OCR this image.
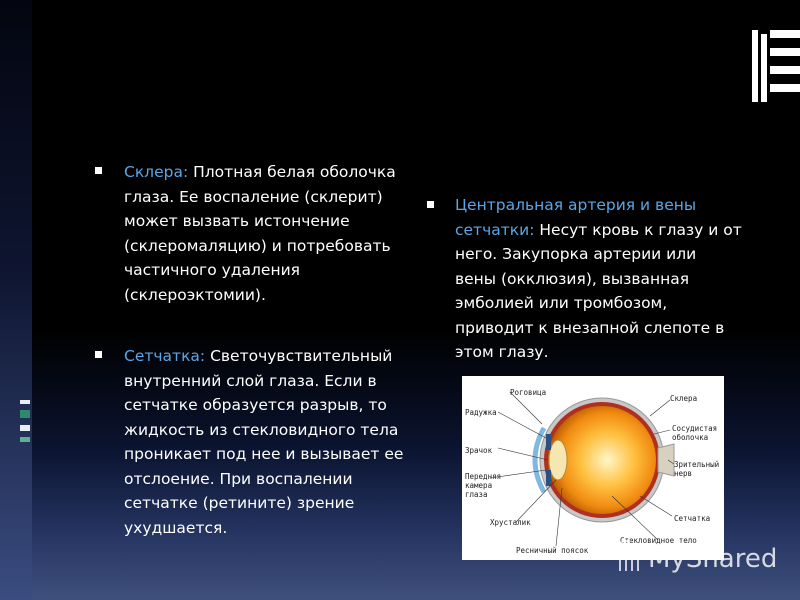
Склера: Плотная белая оболочка

глаза. Ее воспаление (склерит)

может вызвать истончение

(склеромаляцию) и потребовать

частичного удаления

(склероэктомии).

Сетчатка: Светочувствительный

внутренний слой глаза. Если в

сетчатке образуется разрыв, то

жидкость из стекловидного тела

проникает под нее и вызывает ее

отслоение. При воспалении

сетчатке (ретините) зрение

ухудшается.

Центральная артерия и вены

сетчатки: Несут кровь к глазу и от

него. Закупорка артерии или

вены (окклюзия), вызванная

эмболией или тромбозом,

приводит к внезапной слепоте в

этом глазу.

Роговица
Радужка
Зрачок
Передняя
камера
глаза
Хрусталик
Ресничный поясок
Склера
Сосудистая
оболочка
Зрительный
нерв
Сетчатка
Стекловидное тело
MyShared
